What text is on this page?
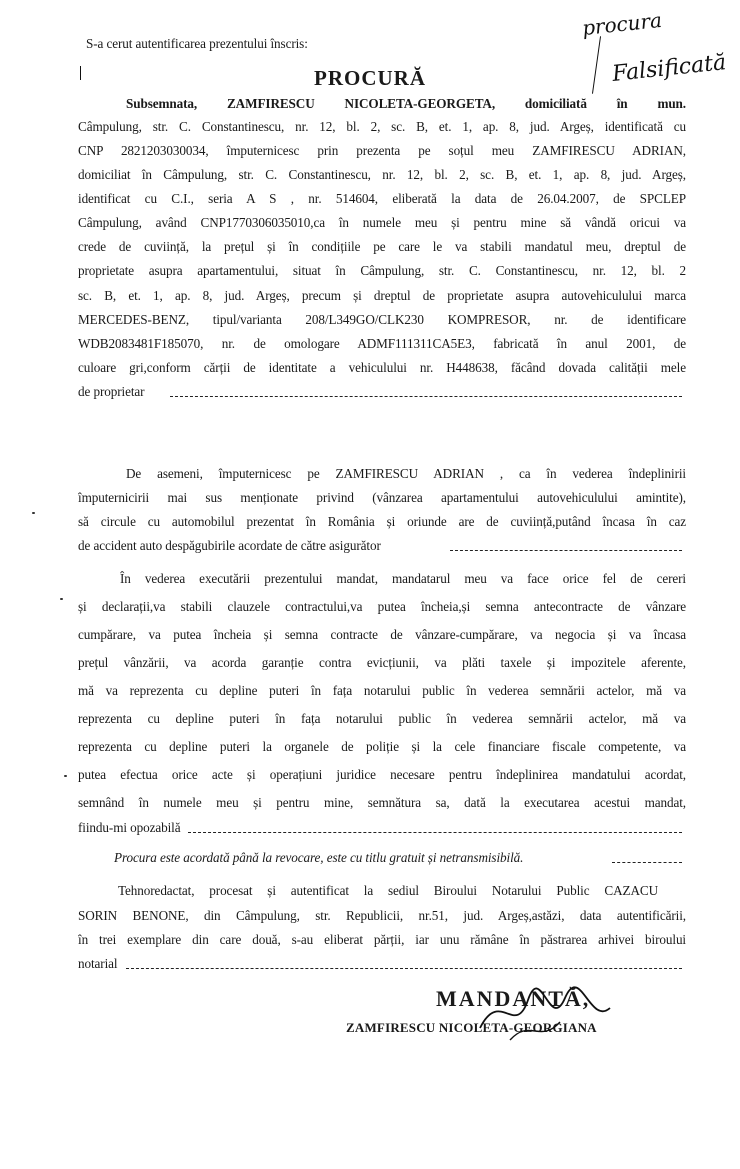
S-a cerut autentificarea prezentului înscris:
procura
Falsificată
PROCURĂ
Subsemnata, ZAMFIRESCU NICOLETA-GEORGETA, domiciliată în mun.
Câmpulung, str. C. Constantinescu, nr. 12, bl. 2, sc. B, et. 1, ap. 8, jud. Argeș, identificată cu
CNP 2821203030034, împuternicesc prin prezenta pe soțul meu ZAMFIRESCU ADRIAN,
domiciliat în Câmpulung, str. C. Constantinescu, nr. 12, bl. 2, sc. B, et. 1, ap. 8, jud. Argeș,
identificat cu C.I., seria A S , nr. 514604, eliberată la data de 26.04.2007, de SPCLEP
Câmpulung, având CNP1770306035010,ca în numele meu și pentru mine să vândă oricui va
crede de cuviință, la prețul și în condițiile pe care le va stabili mandatul meu, dreptul de
proprietate asupra apartamentului, situat în Câmpulung, str. C. Constantinescu, nr. 12, bl. 2
sc. B, et. 1, ap. 8, jud. Argeș, precum și dreptul de proprietate asupra autovehiculului marca
MERCEDES-BENZ, tipul/varianta 208/L349GO/CLK230 KOMPRESOR, nr. de identificare
WDB2083481F185070, nr. de omologare ADMF111311CA5E3, fabricată în anul 2001, de
culoare gri,conform cărții de identitate a vehiculului nr. H448638, făcând dovada calității mele
de proprietar
De asemeni, împuternicesc pe ZAMFIRESCU ADRIAN , ca în vederea îndeplinirii
împuternicirii mai sus menționate privind (vânzarea apartamentului autovehiculului amintite),
să circule cu automobilul prezentat în România și oriunde are de cuviință,putând încasa în caz
de accident auto despăgubirile acordate de către asigurător
În vederea executării prezentului mandat, mandatarul meu va face orice fel de cereri
și declarații,va stabili clauzele contractului,va putea încheia,și semna antecontracte de vânzare
cumpărare, va putea încheia și semna contracte de vânzare-cumpărare, va negocia și va încasa
prețul vânzării, va acorda garanție contra evicțiunii, va plăti taxele și impozitele aferente,
mă va reprezenta cu depline puteri în fața notarului public în vederea semnării actelor, mă va
reprezenta cu depline puteri în fața notarului public în vederea semnării actelor, mă va
reprezenta cu depline puteri la organele de poliție și la cele financiare fiscale competente, va
putea efectua orice acte și operațiuni juridice necesare pentru îndeplinirea mandatului acordat,
semnând în numele meu și pentru mine, semnătura sa, dată la executarea acestui mandat,
fiindu-mi opozabilă
Procura este acordată până la revocare, este cu titlu gratuit și netransmisibilă.
Tehnoredactat, procesat și autentificat la sediul Biroului Notarului Public CAZACU
SORIN BENONE, din Câmpulung, str. Republicii, nr.51, jud. Argeș,astăzi, data autentificării,
în trei exemplare din care două, s-au eliberat părții, iar unu rămâne în păstrarea arhivei biroului
notarial
MANDANTĂ,
ZAMFIRESCU NICOLETA-GEORGIANA
